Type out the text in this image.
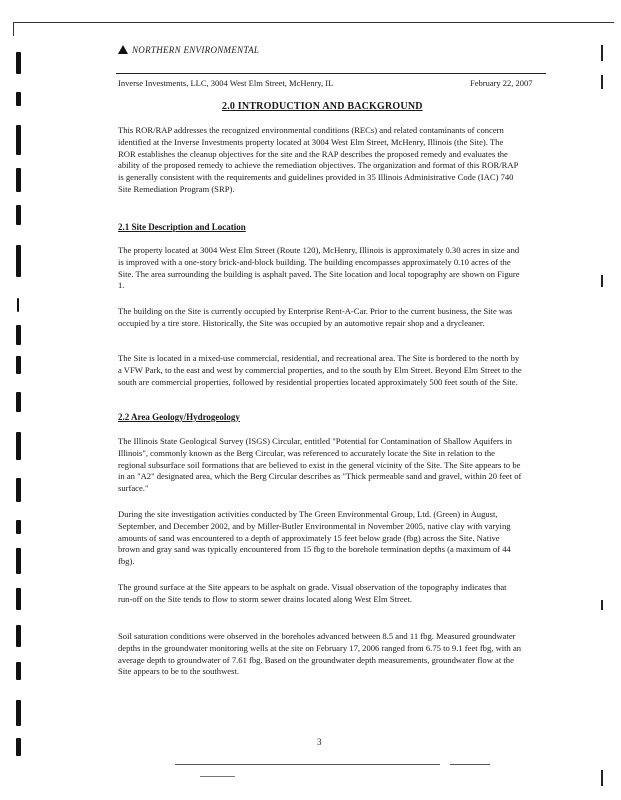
NORTHERN ENVIRONMENTAL
Inverse Investments, LLC, 3004 West Elm Street, McHenry, IL	February 22, 2007
2.0 INTRODUCTION AND BACKGROUND

This ROR/RAP addresses the recognized environmental conditions (RECs) and related contaminants of concern identified at the Inverse Investments property located at 3004 West Elm Street, McHenry, Illinois (the Site). The ROR establishes the cleanup objectives for the site and the RAP describes the proposed remedy and evaluates the ability of the proposed remedy to achieve the remediation objectives. The organization and format of this ROR/RAP is generally consistent with the requirements and guidelines provided in 35 Illinois Administrative Code (IAC) 740 Site Remediation Program (SRP).

2.1 Site Description and Location

The property located at 3004 West Elm Street (Route 120), McHenry, Illinois is approximately 0.30 acres in size and is improved with a one-story brick-and-block building. The building encompasses approximately 0.10 acres of the Site. The area surrounding the building is asphalt paved. The Site location and local topography are shown on Figure 1.

The building on the Site is currently occupied by Enterprise Rent-A-Car. Prior to the current business, the Site was occupied by a tire store. Historically, the Site was occupied by an automotive repair shop and a drycleaner.

The Site is located in a mixed-use commercial, residential, and recreational area. The Site is bordered to the north by a VFW Park, to the east and west by commercial properties, and to the south by Elm Street. Beyond Elm Street to the south are commercial properties, followed by residential properties located approximately 500 feet south of the Site.

2.2 Area Geology/Hydrogeology

The Illinois State Geological Survey (ISGS) Circular, entitled "Potential for Contamination of Shallow Aquifers in Illinois", commonly known as the Berg Circular, was referenced to accurately locate the Site in relation to the regional subsurface soil formations that are believed to exist in the general vicinity of the Site. The Site appears to be in an "A2" designated area, which the Berg Circular describes as "Thick permeable sand and gravel, within 20 feet of surface."

During the site investigation activities conducted by The Green Environmental Group, Ltd. (Green) in August, September, and December 2002, and by Miller-Butler Environmental in November 2005, native clay with varying amounts of sand was encountered to a depth of approximately 15 feet below grade (fbg) across the Site. Native brown and gray sand was typically encountered from 15 fbg to the borehole termination depths (a maximum of 44 fbg).

The ground surface at the Site appears to be asphalt on grade. Visual observation of the topography indicates that run-off on the Site tends to flow to storm sewer drains located along West Elm Street.

Soil saturation conditions were observed in the boreholes advanced between 8.5 and 11 fbg. Measured groundwater depths in the groundwater monitoring wells at the site on February 17, 2006 ranged from 6.75 to 9.1 feet fbg, with an average depth to groundwater of 7.61 fbg. Based on the groundwater depth measurements, groundwater flow at the Site appears to be to the southwest.

3
